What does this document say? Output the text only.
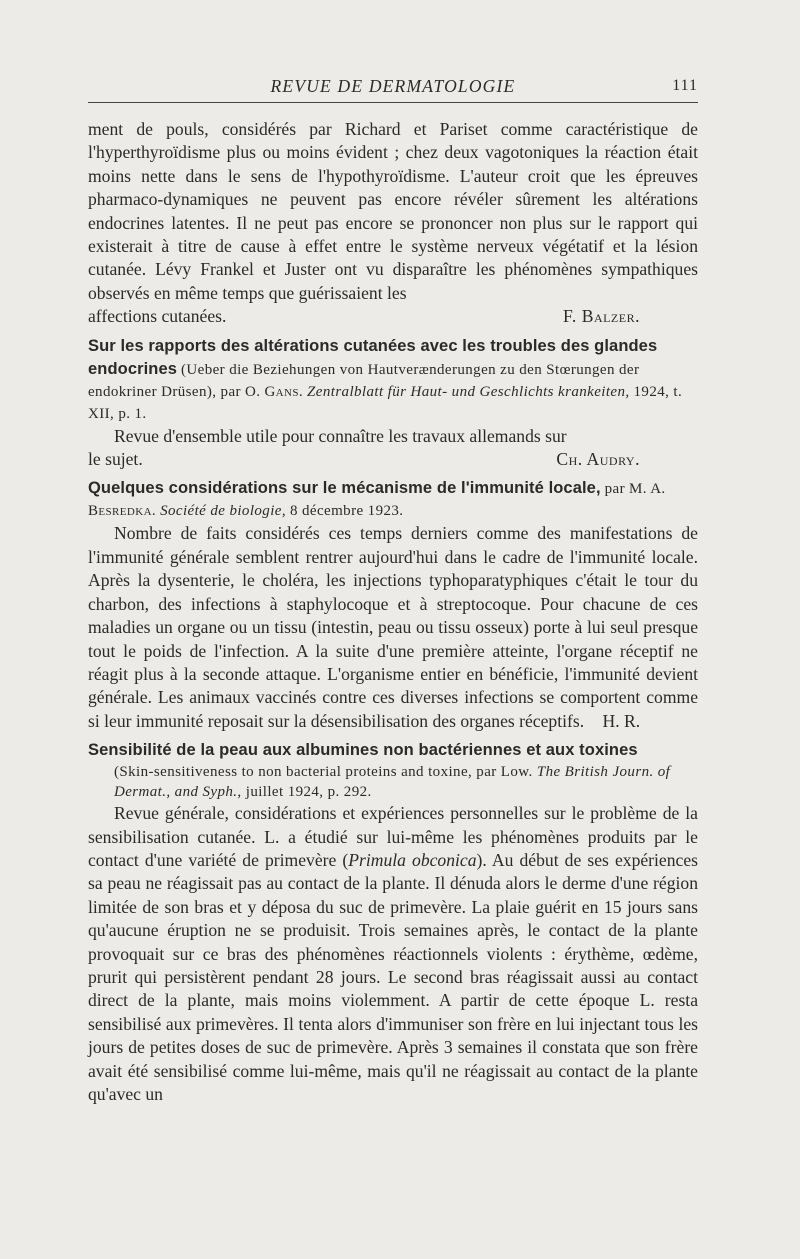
REVUE DE DERMATOLOGIE	111

ment de pouls, considérés par Richard et Pariset comme caractéristique de l'hyperthyroïdisme plus ou moins évident ; chez deux vagotoniques la réaction était moins nette dans le sens de l'hypothyroïdisme. L'auteur croit que les épreuves pharmaco-dynamiques ne peuvent pas encore révéler sûrement les altérations endocrines latentes. Il ne peut pas encore se prononcer non plus sur le rapport qui existerait à titre de cause à effet entre le système nerveux végétatif et la lésion cutanée. Lévy Frankel et Juster ont vu disparaître les phénomènes sympathiques observés en même temps que guérissaient les

affections cutanées.	F. Balzer.
Sur les rapports des altérations cutanées avec les troubles des glandes endocrines (Ueber die Beziehungen von Hautverænderungen zu den Stœrungen der endokriner Drüsen), par O. Gans. Zentralblatt für Haut- und Geschlichts krankeiten, 1924, t. XII, p. 1.

Revue d'ensemble utile pour connaître les travaux allemands sur

le sujet.	Ch. Audry.
Quelques considérations sur le mécanisme de l'immunité locale, par M. A. Besredka. Société de biologie, 8 décembre 1923.

Nombre de faits considérés ces temps derniers comme des manifestations de l'immunité générale semblent rentrer aujourd'hui dans le cadre de l'immunité locale. Après la dysenterie, le choléra, les injections typhoparatyphiques c'était le tour du charbon, des infections à staphylocoque et à streptocoque. Pour chacune de ces maladies un organe ou un tissu (intestin, peau ou tissu osseux) porte à lui seul presque tout le poids de l'infection. A la suite d'une première atteinte, l'organe réceptif ne réagit plus à la seconde attaque. L'organisme entier en bénéficie, l'immunité devient générale. Les animaux vaccinés contre ces diverses infections se comportent comme si leur immunité reposait sur la désensibilisation des organes réceptifs. H. R.

Sensibilité de la peau aux albumines non bactériennes et aux toxines
(Skin-sensitiveness to non bacterial proteins and toxine, par Low. The British Journ. of Dermat., and Syph., juillet 1924, p. 292.

Revue générale, considérations et expériences personnelles sur le problème de la sensibilisation cutanée. L. a étudié sur lui-même les phénomènes produits par le contact d'une variété de primevère (Primula obconica). Au début de ses expériences sa peau ne réagissait pas au contact de la plante. Il dénuda alors le derme d'une région limitée de son bras et y déposa du suc de primevère. La plaie guérit en 15 jours sans qu'aucune éruption ne se produisit. Trois semaines après, le contact de la plante provoquait sur ce bras des phénomènes réactionnels violents : érythème, œdème, prurit qui persistèrent pendant 28 jours. Le second bras réagissait aussi au contact direct de la plante, mais moins violemment. A partir de cette époque L. resta sensibilisé aux primevères. Il tenta alors d'immuniser son frère en lui injectant tous les jours de petites doses de suc de primevère. Après 3 semaines il constata que son frère avait été sensibilisé comme lui-même, mais qu'il ne réagissait au contact de la plante qu'avec un
